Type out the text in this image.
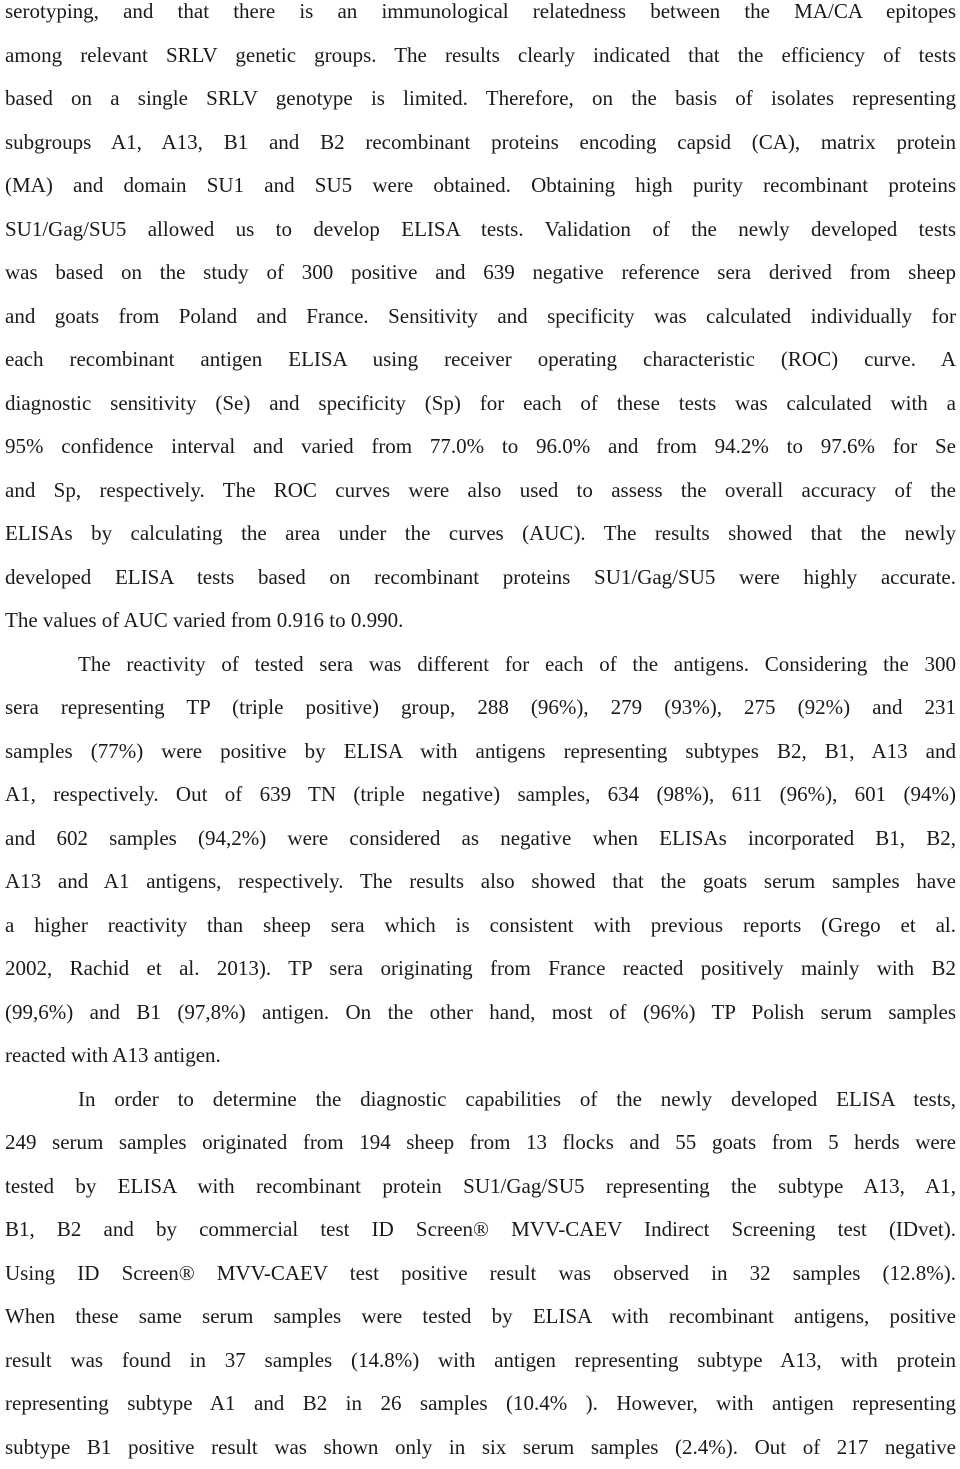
serotyping, and that there is an immunological relatedness between the MA/CA epitopes
among relevant SRLV genetic groups. The results clearly indicated that the efficiency of tests
based on a single SRLV genotype is limited. Therefore, on the basis of isolates representing
subgroups A1, A13, B1 and B2 recombinant proteins encoding capsid (CA), matrix protein
(MA) and domain SU1 and SU5 were obtained. Obtaining high purity recombinant proteins
SU1/Gag/SU5 allowed us to develop ELISA tests. Validation of the newly developed tests
was based on the study of 300 positive and 639 negative reference sera derived from sheep
and goats from Poland and France. Sensitivity and specificity was calculated individually for
each recombinant antigen ELISA using receiver operating characteristic (ROC) curve. A
diagnostic sensitivity (Se) and specificity (Sp) for each of these tests was calculated with a
95% confidence interval and varied from 77.0% to 96.0% and from 94.2% to 97.6% for Se
and Sp, respectively. The ROC curves were also used to assess the overall accuracy of the
ELISAs by calculating the area under the curves (AUC). The results showed that the newly
developed ELISA tests based on recombinant proteins SU1/Gag/SU5 were highly accurate.
The values of AUC varied from 0.916 to 0.990.
The reactivity of tested sera was different for each of the antigens. Considering the 300
sera representing TP (triple positive) group, 288 (96%), 279 (93%), 275 (92%) and 231
samples (77%) were positive by ELISA with antigens representing subtypes B2, B1, A13 and
A1, respectively. Out of 639 TN (triple negative) samples, 634 (98%), 611 (96%), 601 (94%)
and 602 samples (94,2%) were considered as negative when ELISAs incorporated B1, B2,
A13 and A1 antigens, respectively. The results also showed that the goats serum samples have
a higher reactivity than sheep sera which is consistent with previous reports (Grego et al.
2002, Rachid et al. 2013). TP sera originating from France reacted positively mainly with B2
(99,6%) and B1 (97,8%) antigen. On the other hand, most of (96%) TP Polish serum samples
reacted with A13 antigen.
In order to determine the diagnostic capabilities of the newly developed ELISA tests,
249 serum samples originated from 194 sheep from 13 flocks and 55 goats from 5 herds were
tested by ELISA with recombinant protein SU1/Gag/SU5 representing the subtype A13, A1,
B1, B2 and by commercial test ID Screen® MVV-CAEV Indirect Screening test (IDvet).
Using ID Screen® MVV-CAEV test positive result was observed in 32 samples (12.8%).
When these same serum samples were tested by ELISA with recombinant antigens, positive
result was found in 37 samples (14.8%) with antigen representing subtype A13, with protein
representing subtype A1 and B2 in 26 samples (10.4% ). However, with antigen representing
subtype B1 positive result was shown only in six serum samples (2.4%). Out of 217 negative
